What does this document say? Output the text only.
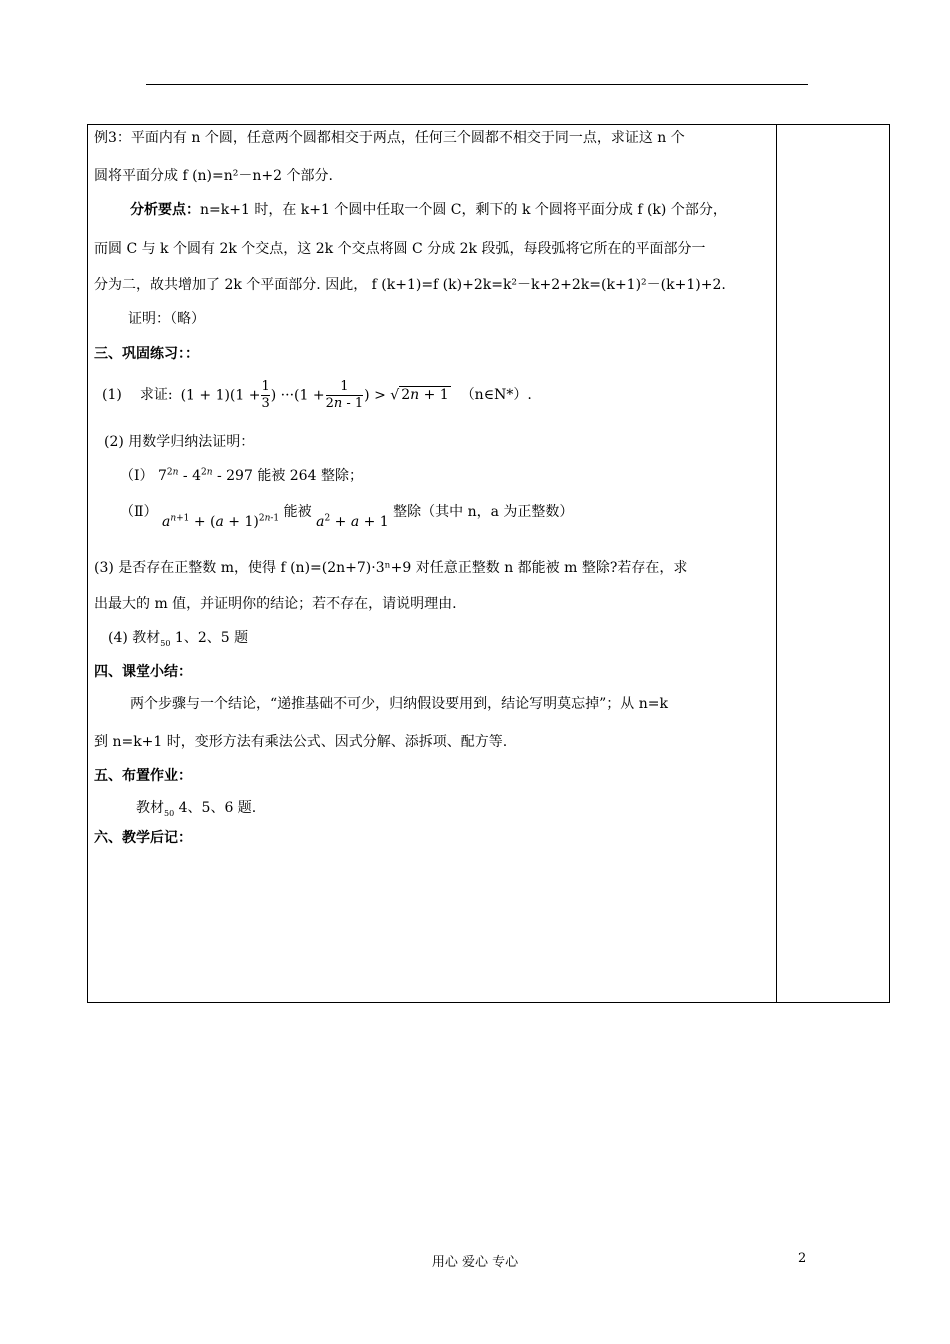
例3：平面内有 n 个圆，任意两个圆都相交于两点，任何三个圆都不相交于同一点，求证这 n 个
圆将平面分成 f (n)=n²－n+2 个部分.
分析要点：n=k+1 时，在 k+1 个圆中任取一个圆 C，剩下的 k 个圆将平面分成 f (k) 个部分，
而圆 C 与 k 个圆有 2k 个交点，这 2k 个交点将圆 C 分成 2k 段弧，每段弧将它所在的平面部分一
分为二，故共增加了 2k 个平面部分. 因此， f (k+1)=f (k)+2k=k²－k+2+2k=(k+1)²－(k+1)+2.
证明：（略）
三、巩固练习：：
(1) 求证: $(1 + 1)(1 + \frac{1}{3}$ ) $\cdot\cdot\cdot(1 + \frac{1}{2n - 1}$ ) > √ 2n + 1 （n∈N*）.
(2) 用数学归纳法证明：
（Ⅰ） $7^{2n} - 4^{2n} - 297$ 能被 264 整除；
（Ⅱ） $a^{n+1} + (a + 1)^{2n-1}$ 能被 $a^2 + a + 1$ 整除（其中 n，a 为正整数）
(3) 是否存在正整数 m，使得 f (n)=(2n+7)·3ⁿ+9 对任意正整数 n 都能被 m 整除?若存在，求
出最大的 m 值，并证明你的结论；若不存在，请说明理由.
(4) 教材$_{50}$ 1、2、5 题
四、课堂小结：
两个步骤与一个结论，“递推基础不可少，归纳假设要用到，结论写明莫忘掉”；从 n=k
到 n=k+1 时，变形方法有乘法公式、因式分解、添拆项、配方等.
五、布置作业：
教材$_{50}$ 4、5、6 题.
六、教学后记：
用心 爱心 专心	2
